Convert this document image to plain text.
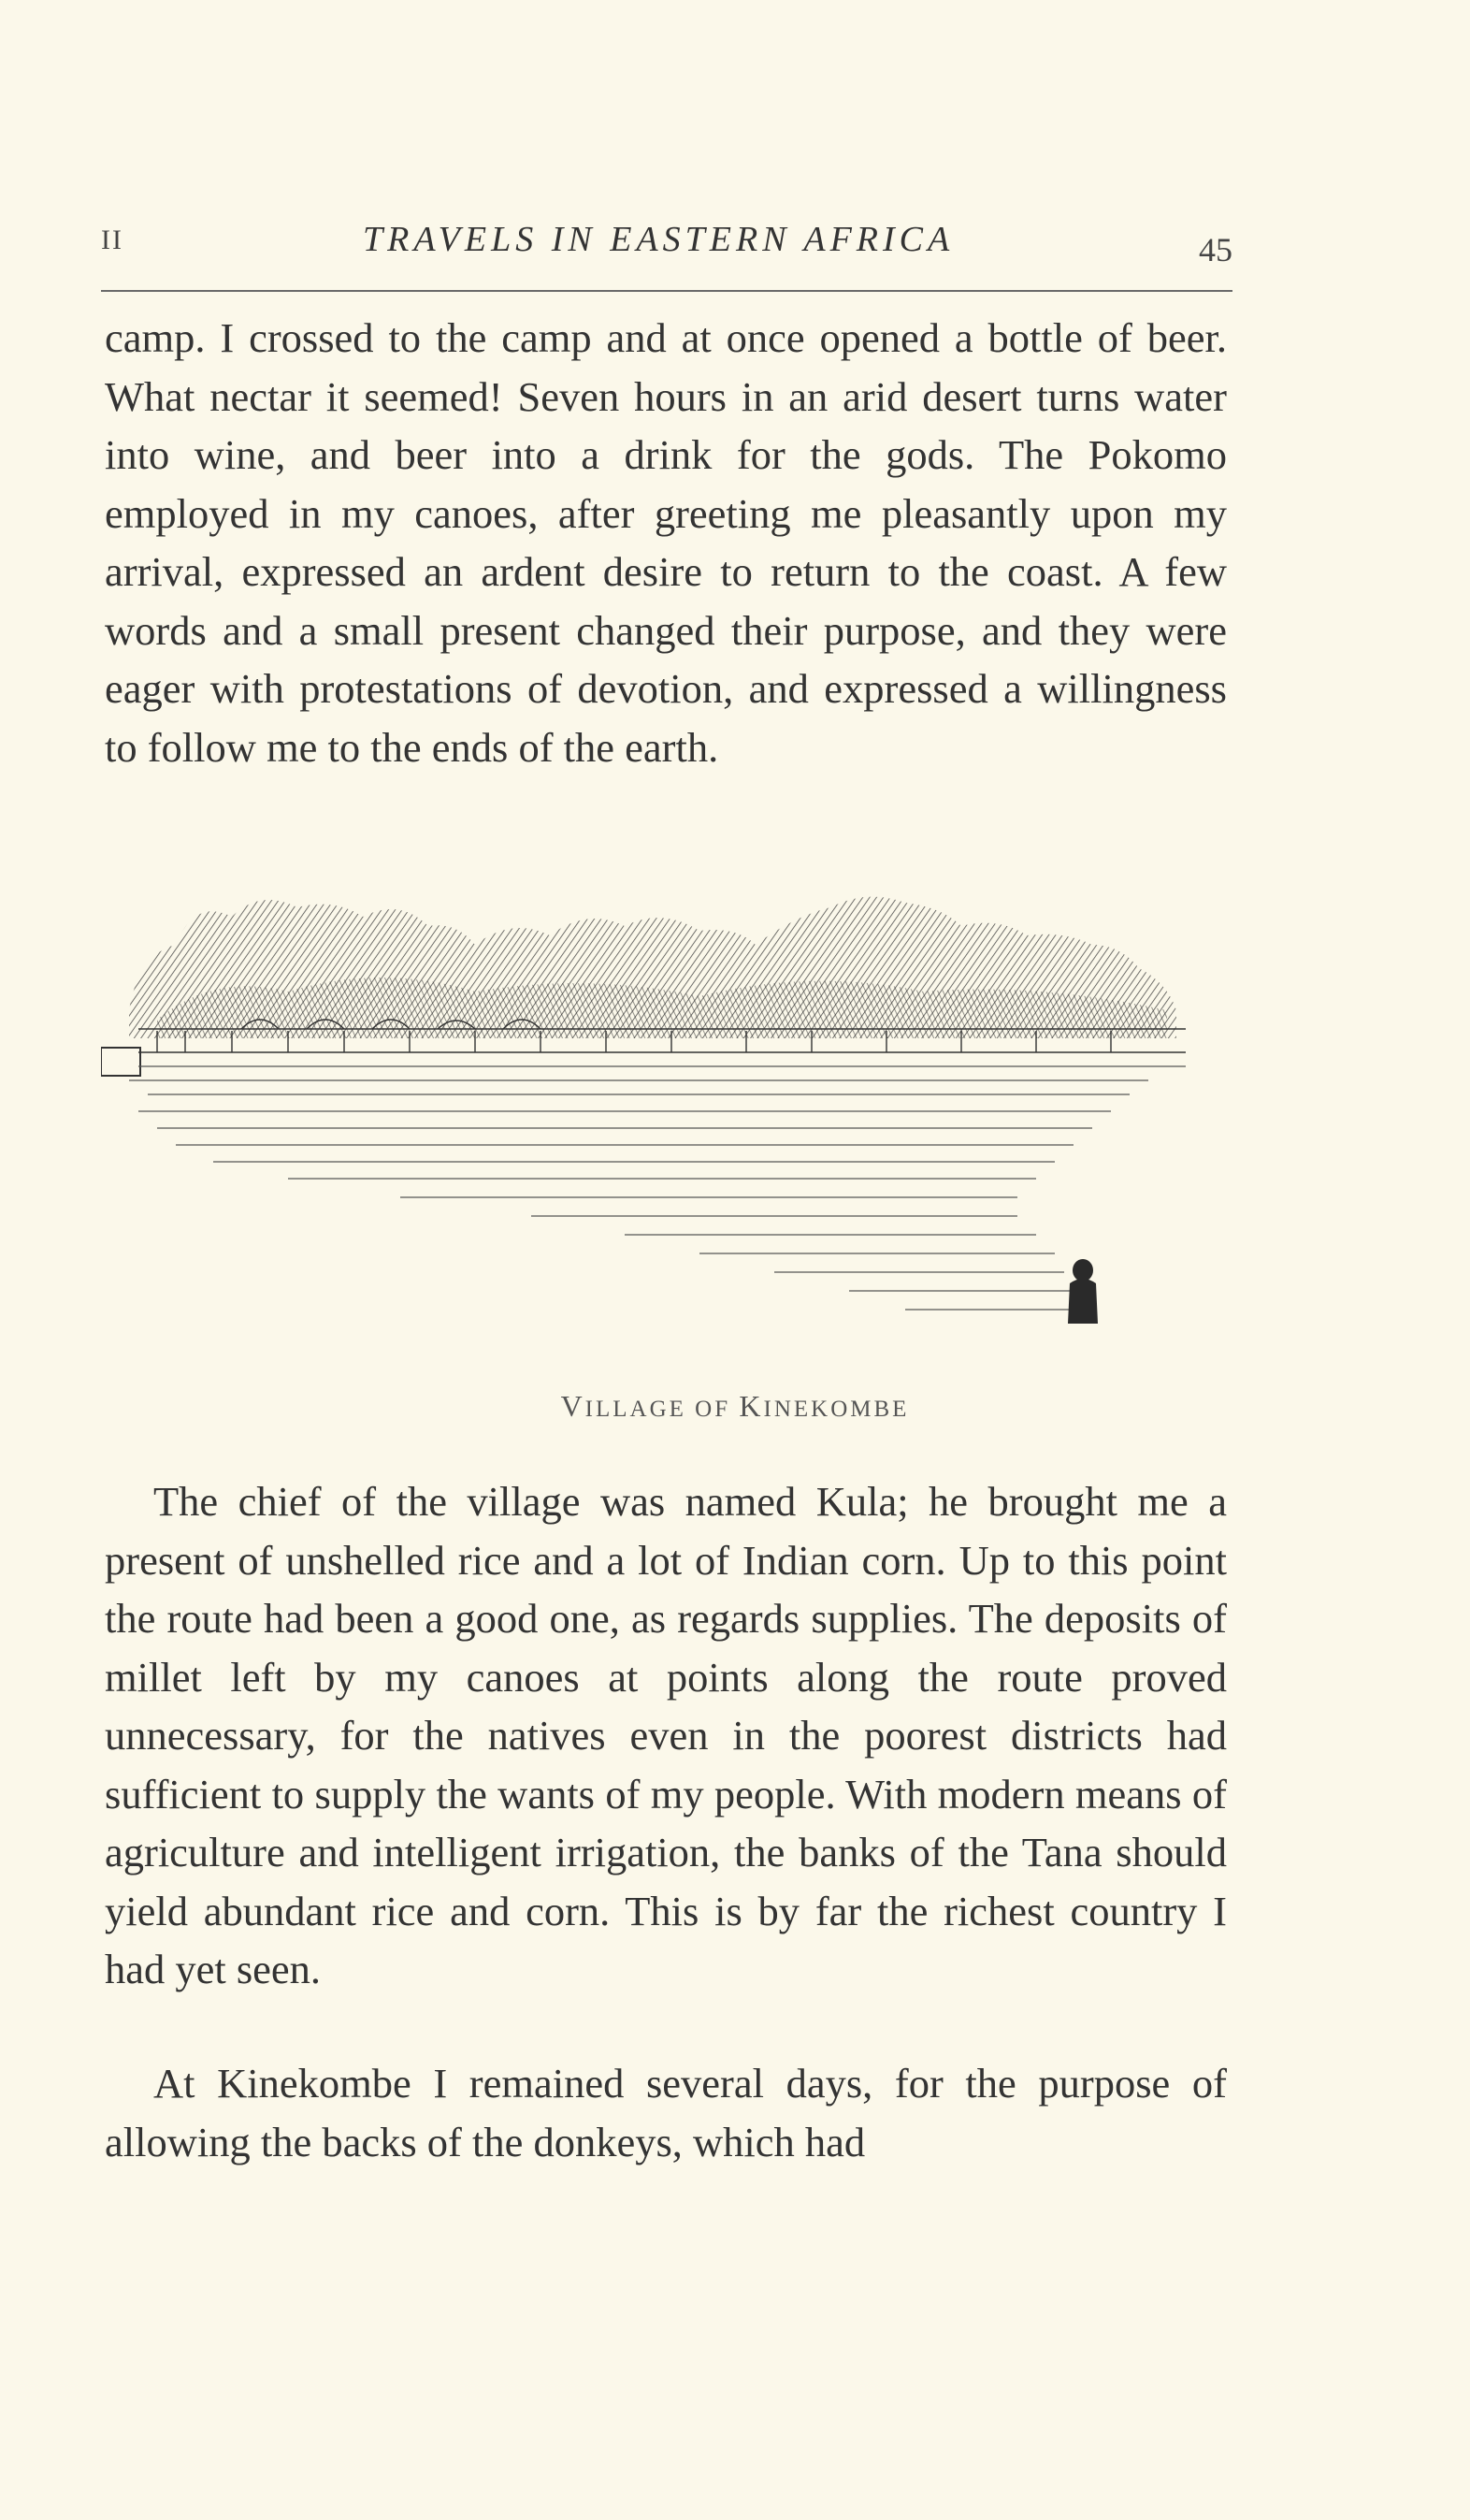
II	TRAVELS IN EASTERN AFRICA	45

camp. I crossed to the camp and at once opened a bottle of beer. What nectar it seemed! Seven hours in an arid desert turns water into wine, and beer into a drink for the gods. The Pokomo employed in my canoes, after greeting me pleasantly upon my arrival, expressed an ardent desire to return to the coast. A few words and a small present changed their purpose, and they were eager with protestations of devotion, and expressed a willingness to follow me to the ends of the earth.

VILLAGE OF KINEKOMBE

The chief of the village was named Kula; he brought me a present of unshelled rice and a lot of Indian corn. Up to this point the route had been a good one, as regards supplies. The deposits of millet left by my canoes at points along the route proved unnecessary, for the natives even in the poorest districts had sufficient to supply the wants of my people. With modern means of agriculture and intelligent irrigation, the banks of the Tana should yield abundant rice and corn. This is by far the richest country I had yet seen.

At Kinekombe I remained several days, for the purpose of allowing the backs of the donkeys, which had
